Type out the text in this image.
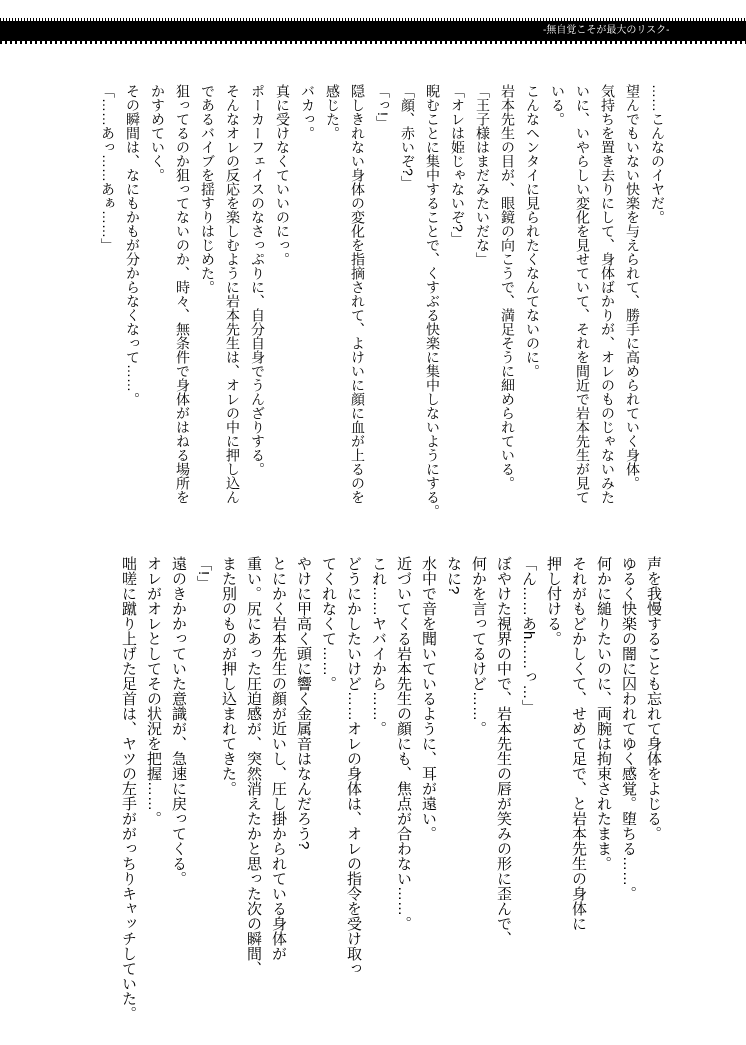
-無自覚こそが最大のリスク-

……こんなのイヤだ。

望んでもいない快楽を与えられて、勝手に高められていく身体。

気持ちを置き去りにして、身体ばかりが、オレのものじゃないみた

いに、いやらしい変化を見せていて、それを間近で岩本先生が見て

いる。

こんなヘンタイに見られたくなんてないのに。

岩本先生の目が、眼鏡の向こうで、満足そうに細められている。

「王子様はまだみたいだな」

「オレは姫じゃないぞ?」

睨むことに集中することで、くすぶる快楽に集中しないようにする。

「顔、赤いぞ?」

「っ!」

隠しきれない身体の変化を指摘されて、よけいに顔に血が上るのを

感じた。

バカっ。

真に受けなくていいのにっ。

ポーカーフェイスのなさっぷりに、自分自身でうんざりする。

そんなオレの反応を楽しむように岩本先生は、オレの中に押し込ん

であるバイブを揺すりはじめた。

狙ってるのか狙ってないのか、時々、無条件で身体がはねる場所を

かすめていく。

その瞬間は、なにもかもが分からなくなって……。

「……あっ……あぁ……」

声を我慢することも忘れて身体をよじる。

ゆるく快楽の闇に囚われてゆく感覚。堕ちる……。

何かに縋りたいのに、両腕は拘束されたまま。

それがもどかしくて、せめて足で、と岩本先生の身体に

押し付ける。

「ん……あh……っ…」

ぼやけた視界の中で、岩本先生の唇が笑みの形に歪んで、

何かを言ってるけど……。

なに?

水中で音を聞いているように、耳が遠い。

近づいてくる岩本先生の顔にも、焦点が合わない……。

これ……ヤバイから……。

どうにかしたいけど……オレの身体は、オレの指令を受け取っ

てくれなくて……。

やけに甲高く頭に響く金属音はなんだろう?

とにかく岩本先生の顔が近いし、圧し掛かられている身体が

重い。尻にあった圧迫感が、突然消えたかと思った次の瞬間、

また別のものが押し込まれてきた。

「!」

遠のきかかっていた意識が、急速に戻ってくる。

オレがオレとしてその状況を把握……。

咄嗟に蹴り上げた足首は、ヤツの左手ががっちりキャッチしていた。
